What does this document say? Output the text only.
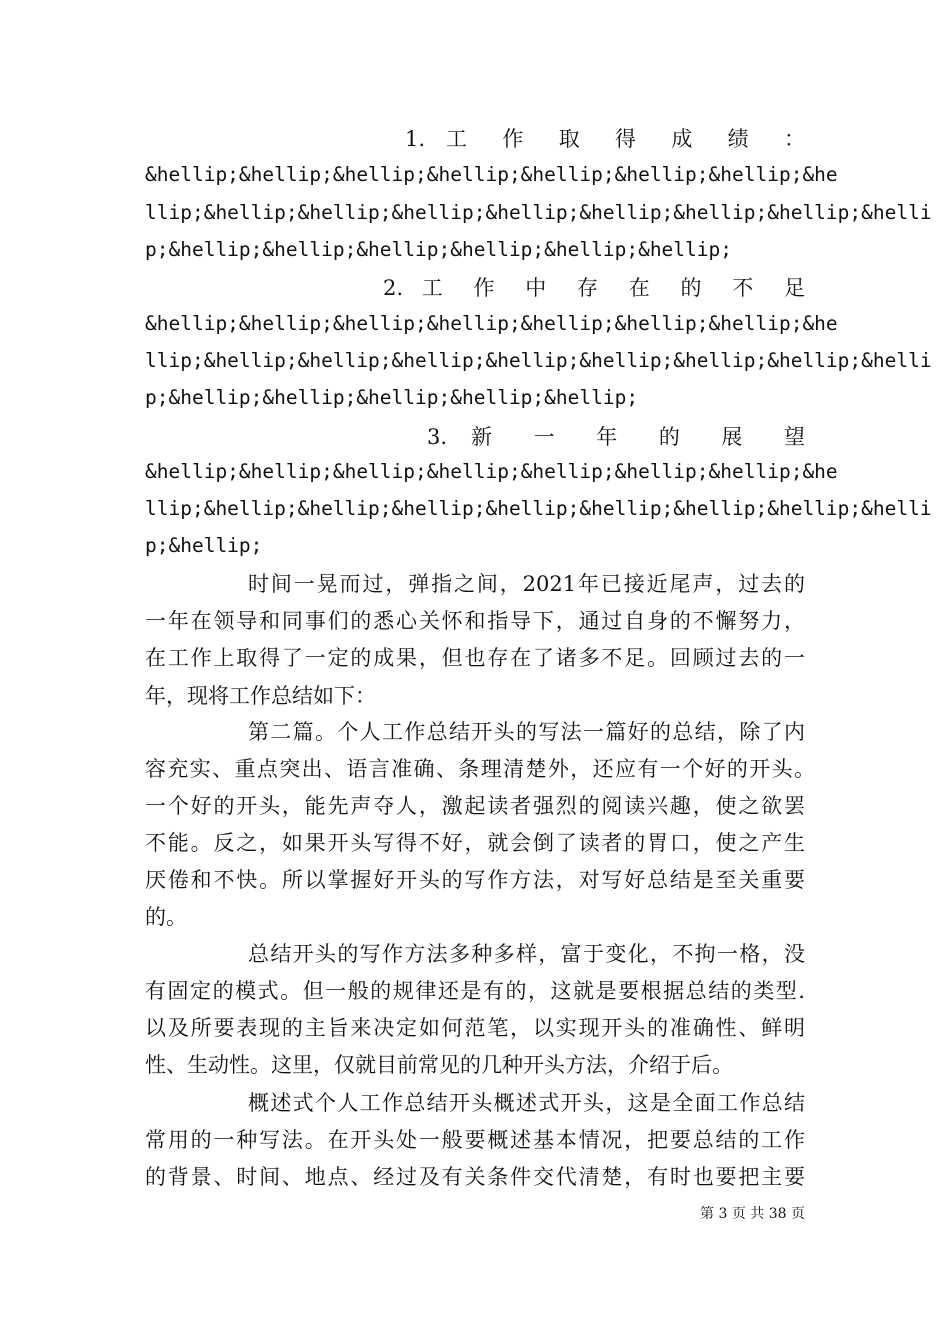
1. 工 作 取 得 成 绩 ：
&hellip;&hellip;&hellip;&hellip;&hellip;&hellip;&hellip;&he
llip;&hellip;&hellip;&hellip;&hellip;&hellip;&hellip;&hellip;&helli
p;&hellip;&hellip;&hellip;&hellip;&hellip;&hellip;
2. 工 作 中 存 在 的 不 足
&hellip;&hellip;&hellip;&hellip;&hellip;&hellip;&hellip;&he
llip;&hellip;&hellip;&hellip;&hellip;&hellip;&hellip;&hellip;&helli
p;&hellip;&hellip;&hellip;&hellip;&hellip;
3. 新 一 年 的 展 望
&hellip;&hellip;&hellip;&hellip;&hellip;&hellip;&hellip;&he
llip;&hellip;&hellip;&hellip;&hellip;&hellip;&hellip;&hellip;&helli
p;&hellip;
时间一晃而过，弹指之间，2021年已接近尾声，过去的
一年在领导和同事们的悉心关怀和指导下，通过自身的不懈努力，
在工作上取得了一定的成果，但也存在了诸多不足。回顾过去的一
年，现将工作总结如下：
第二篇。个人工作总结开头的写法一篇好的总结，除了内
容充实、重点突出、语言准确、条理清楚外，还应有一个好的开头。
一个好的开头，能先声夺人，激起读者强烈的阅读兴趣，使之欲罢
不能。反之，如果开头写得不好，就会倒了读者的胃口，使之产生
厌倦和不快。所以掌握好开头的写作方法，对写好总结是至关重要
的。
总结开头的写作方法多种多样，富于变化，不拘一格，没
有固定的模式。但一般的规律还是有的，这就是要根据总结的类型.
以及所要表现的主旨来决定如何范笔，以实现开头的准确性、鲜明
性、生动性。这里，仅就目前常见的几种开头方法，介绍于后。
概述式个人工作总结开头概述式开头，这是全面工作总结
常用的一种写法。在开头处一般要概述基本情况，把要总结的工作
的背景、时间、地点、经过及有关条件交代清楚，有时也要把主要
第 3 页 共 38 页
